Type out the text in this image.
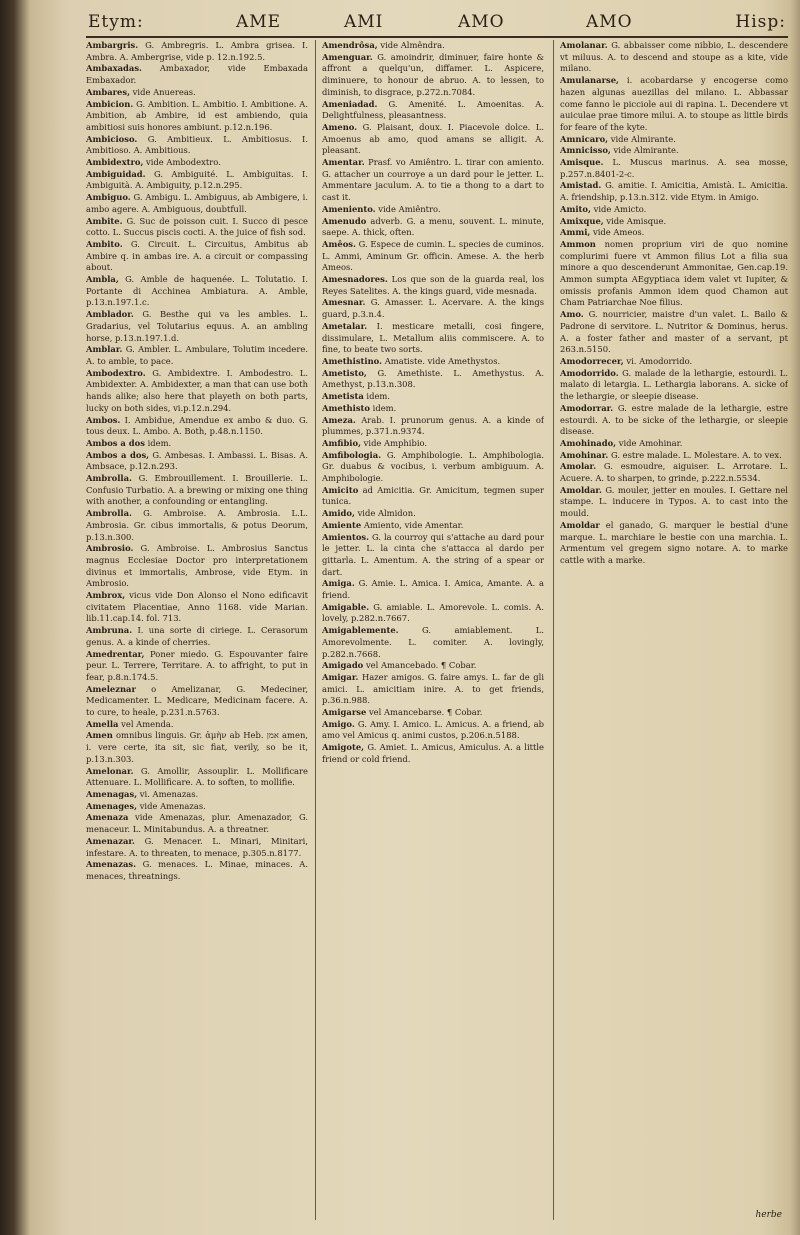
Etym:	AME	AMI	AMO	AMO	Hisp:

Ambargris. G. Ambregris. L. Ambra grisea. I. Ambra. A. Ambergrise, vide p. 12.n.192.5.

Ambaxadas. Ambaxador, vide Embaxada Embaxador.

Ambares, vide Anuereas.

Ambicion. G. Ambition. L. Ambitio. I. Ambitione. A. Ambition, ab Ambire, id est ambiendo, quia ambitiosi suis honores ambiunt. p.12.n.196.

Ambicioso. G. Ambitieux. L. Ambitiosus. I. Ambitioso. A. Ambitious.

Ambidextro, vide Ambodextro.

Ambiguidad. G. Ambiguité. L. Ambiguitas. I. Ambiguità. A. Ambiguity, p.12.n.295.

Ambiguo. G. Ambigu. L. Ambiguus, ab Ambigere, i. ambo agere. A. Ambiguous, doubtfull.

Ambite. G. Suc de poisson cuit. I. Succo di pesce cotto. L. Succus piscis cocti. A. the juice of fish sod.

Ambito. G. Circuit. L. Circuitus, Ambitus ab Ambire q. in ambas ire. A. a circuit or compassing about.

Ambla, G. Amble de haquenée. L. Tolutatio. I. Portante di Acchinea Ambiatura. A. Amble, p.13.n.197.1.c.

Amblador. G. Besthe qui va les ambles. L. Gradarius, vel Tolutarius equus. A. an ambling horse, p.13.n.197.1.d.

Amblar. G. Ambler. L. Ambulare, Tolutim incedere. A. to amble, to pace.

Ambodextro. G. Ambidextre. I. Ambodestro. L. Ambidexter. A. Ambidexter, a man that can use both hands alike; also here that playeth on both parts, lucky on both sides, vi.p.12.n.294.

Ambos. I. Ambidue, Amendue ex ambo & duo. G. tous deux. L. Ambo. A. Both, p.48.n.1150.

Ambos a dos idem.

Ambos a dos, G. Ambesas. I. Ambassi. L. Bisas. A. Ambsace, p.12.n.293.

Ambrolla. G. Embrouillement. I. Brouillerie. L. Confusio Turbatio. A. a brewing or mixing one thing with another, a confounding or entangling.

Ambrolla. G. Ambroise. A. Ambrosia. L.L. Ambrosia. Gr. cibus immortalis, & potus Deorum, p.13.n.300.

Ambrosio. G. Ambroise. L. Ambrosius Sanctus magnus Ecclesiae Doctor pro interpretationem divinus et immortalis, Ambrose, vide Etym. in Ambrosio.

Ambrox, vicus vide Don Alonso el Nono edificavit civitatem Placentiae, Anno 1168. vide Marian. lib.11.cap.14. fol. 713.

Ambruna. I. una sorte di ciriege. L. Cerasorum genus. A. a kinde of cherries.

Amedrentar, Poner miedo. G. Espouvanter faire peur. L. Terrere, Territare. A. to affright, to put in fear, p.8.n.174.5.

Ameleznar o Amelizanar, G. Medeciner, Medicamenter. L. Medicare, Medicinam facere. A. to cure, to heale, p.231.n.5763.

Amella vel Amenda.

Amen omnibus linguis. Gr. ἀμὴν ab Heb. אמן amen, i. vere certe, ita sit, sic fiat, verily, so be it, p.13.n.303.

Amelonar. G. Amollir, Assouplir. L. Mollificare Attenuare. L. Mollificare. A. to soften, to mollifie.

Amenagas, vi. Amenazas.

Amenages, vide Amenazas.

Amenaza vide Amenazas, plur. Amenazador, G. menaceur. L. Minitabundus. A. a threatner.

Amenazar. G. Menacer. L. Minari, Minitari, infestare. A. to threaten, to menace, p.305.n.8177.

Amenazas. G. menaces. L. Minae, minaces. A. menaces, threatnings.

Amendrôsa, vide Almêndra.

Amenguar. G. amoindrir, diminuer, faire honte & affront a quelqu'un, diffamer. L. Aspicere, diminuere, to honour de abruo. A. to lessen, to diminish, to disgrace, p.272.n.7084.

Ameniadad. G. Amenité. L. Amoenitas. A. Delightfulness, pleasantness.

Ameno. G. Plaisant, doux. I. Piacevole dolce. L. Amoenus ab amo, quod amans se alligit. A. pleasant.

Amentar. Prasf. vo Amiêntro. L. tirar con amiento. G. attacher un courroye a un dard pour le jetter. L. Ammentare jaculum. A. to tie a thong to a dart to cast it.

Ameniento. vide Amiêntro.

Amenudo adverb. G. a menu, souvent. L. minute, saepe. A. thick, often.

Amêos. G. Espece de cumin. L. species de cuminos. L. Ammi, Aminum Gr. officin. Amese. A. the herb Ameos.

Amesnadores. Los que son de la guarda real, los Reyes Satelites. A. the kings guard, vide mesnada.

Amesnar. G. Amasser. L. Acervare. A. the kings guard, p.3.n.4.

Ametalar. I. mesticare metalli, cosi fingere, dissimulare, L. Metallum aliis commiscere. A. to fine, to beate two sorts.

Amethistino. Amatiste. vide Amethystos.

Ametisto, G. Amethiste. L. Amethystus. A. Amethyst, p.13.n.308.

Ametista idem.

Amethisto idem.

Ameza. Arab. I. prunorum genus. A. a kinde of plummes, p.371.n.9374.

Amfibio, vide Amphibio.

Amfibologia. G. Amphibologie. L. Amphibologia. Gr. duabus & vocibus, i. verbum ambiguum. A. Amphibologie.

Amicito ad Amicitia. Gr. Amicitum, tegmen super tunica.

Amido, vide Almidon.

Amiente Amiento, vide Amentar.

Amientos. G. la courroy qui s'attache au dard pour le jetter. L. la cinta che s'attacca al dardo per gittarla. L. Amentum. A. the string of a spear or dart.

Amiga. G. Amie. L. Amica. I. Amica, Amante. A. a friend.

Amigable. G. amiable. L. Amorevole. L. comis. A. lovely, p.282.n.7667.

Amigablemente. G. amiablement. L. Amorevolmente. L. comiter. A. lovingly, p.282.n.7668.

Amigado vel Amancebado. ¶ Cobar.

Amigar. Hazer amigos. G. faire amys. L. far de gli amici. L. amicitiam inire. A. to get friends, p.36.n.988.

Amigarse vel Amancebarse. ¶ Cobar.

Amigo. G. Amy. I. Amico. L. Amicus. A. a friend, ab amo vel Amicus q. animi custos, p.206.n.5188.

Amigote, G. Amiet. L. Amicus, Amiculus. A. a little friend or cold friend.

Amolanar. G. abbaisser come nibbio, L. descendere vt miluus. A. to descend and stoupe as a kite, vide milano.

Amulanarse, i. acobardarse y encogerse como hazen algunas auezillas del milano. L. Abbassar come fanno le picciole aui di rapina. L. Decendere vt auiculae prae timore milui. A. to stoupe as little birds for feare of the kyte.

Amnicaro, vide Almirante.

Amnicisso, vide Almirante.

Amisque. L. Muscus marinus. A. sea mosse, p.257.n.8401-2-c.

Amistad. G. amitie. I. Amicitia, Amistà. L. Amicitia. A. friendship, p.13.n.312. vide Etym. in Amigo.

Amito, vide Amicto.

Amixque, vide Amisque.

Ammi, vide Ameos.

Ammon nomen proprium viri de quo nomine complurimi fuere vt Ammon filius Lot a filia sua minore a quo descenderunt Ammonitae, Gen.cap.19. Ammon sumpta AEgyptiaca idem valet vt Iupiter, & omissis profanis Ammon idem quod Chamon aut Cham Patriarchae Noe filius.

Amo. G. nourricier, maistre d'un valet. L. Bailo & Padrone di servitore. L. Nutritor & Dominus, herus. A. a foster father and master of a servant, pt 263.n.5150.

Amodorrecer, vi. Amodorrido.

Amodorrido. G. malade de la lethargie, estourdi. L. malato di letargia. L. Lethargia laborans. A. sicke of the lethargie, or sleepie disease.

Amodorrar. G. estre malade de la lethargie, estre estourdi. A. to be sicke of the lethargie, or sleepie disease.

Amohinado, vide Amohinar.

Amohinar. G. estre malade. L. Molestare. A. to vex.

Amolar. G. esmoudre, aiguiser. L. Arrotare. L. Acuere. A. to sharpen, to grinde, p.222.n.5534.

Amoldar. G. mouler, jetter en moules. I. Gettare nel stampe. L. inducere in Typos. A. to cast into the mould.

Amoldar el ganado, G. marquer le bestial d'une marque. L. marchiare le bestie con una marchia. L. Armentum vel gregem signo notare. A. to marke cattle with a marke.

herbe
